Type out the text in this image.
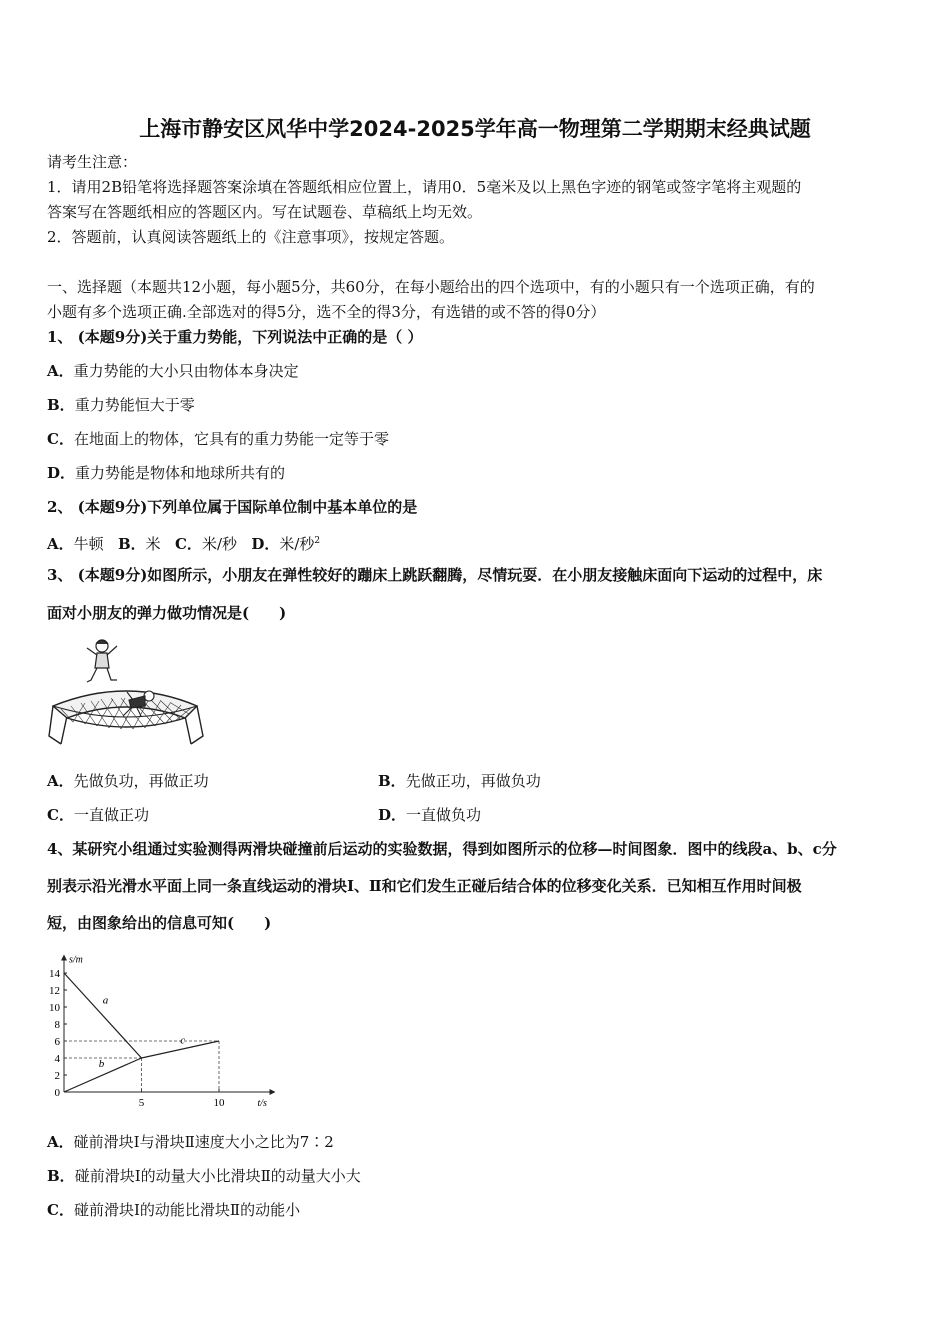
上海市静安区风华中学2024-2025学年高一物理第二学期期末经典试题
请考生注意：
1．请用2B铅笔将选择题答案涂填在答题纸相应位置上，请用0．5毫米及以上黑色字迹的钢笔或签字笔将主观题的
答案写在答题纸相应的答题区内。写在试题卷、草稿纸上均无效。
2．答题前，认真阅读答题纸上的《注意事项》，按规定答题。
一、选择题（本题共12小题，每小题5分，共60分，在每小题给出的四个选项中，有的小题只有一个选项正确，有的
小题有多个选项正确.全部选对的得5分，选不全的得3分，有选错的或不答的得0分）
1、 (本题9分)关于重力势能，下列说法中正确的是（ ）
A．重力势能的大小只由物体本身决定
B．重力势能恒大于零
C．在地面上的物体，它具有的重力势能一定等于零
D．重力势能是物体和地球所共有的
2、 (本题9分)下列单位属于国际单位制中基本单位的是
A．牛顿 B．米 C．米/秒 D．米/秒$^2$
3、 (本题9分)如图所示，小朋友在弹性较好的蹦床上跳跃翻腾，尽情玩耍．在小朋友接触床面向下运动的过程中，床
面对小朋友的弹力做功情况是(　　)
A．先做负功，再做正功	B．先做正功，再做负功
C．一直做正功	D．一直做负功
4、某研究小组通过实验测得两滑块碰撞前后运动的实验数据，得到如图所示的位移—时间图象．图中的线段a、b、c分
别表示沿光滑水平面上同一条直线运动的滑块Ⅰ、Ⅱ和它们发生正碰后结合体的位移变化关系．已知相互作用时间极
短，由图象给出的信息可知(　　)
s/m
t/s
0
2
4
6
8
10
12
14
5	10
a
b
c
A．碰前滑块Ⅰ与滑块Ⅱ速度大小之比为7∶2
B．碰前滑块Ⅰ的动量大小比滑块Ⅱ的动量大小大
C．碰前滑块Ⅰ的动能比滑块Ⅱ的动能小
